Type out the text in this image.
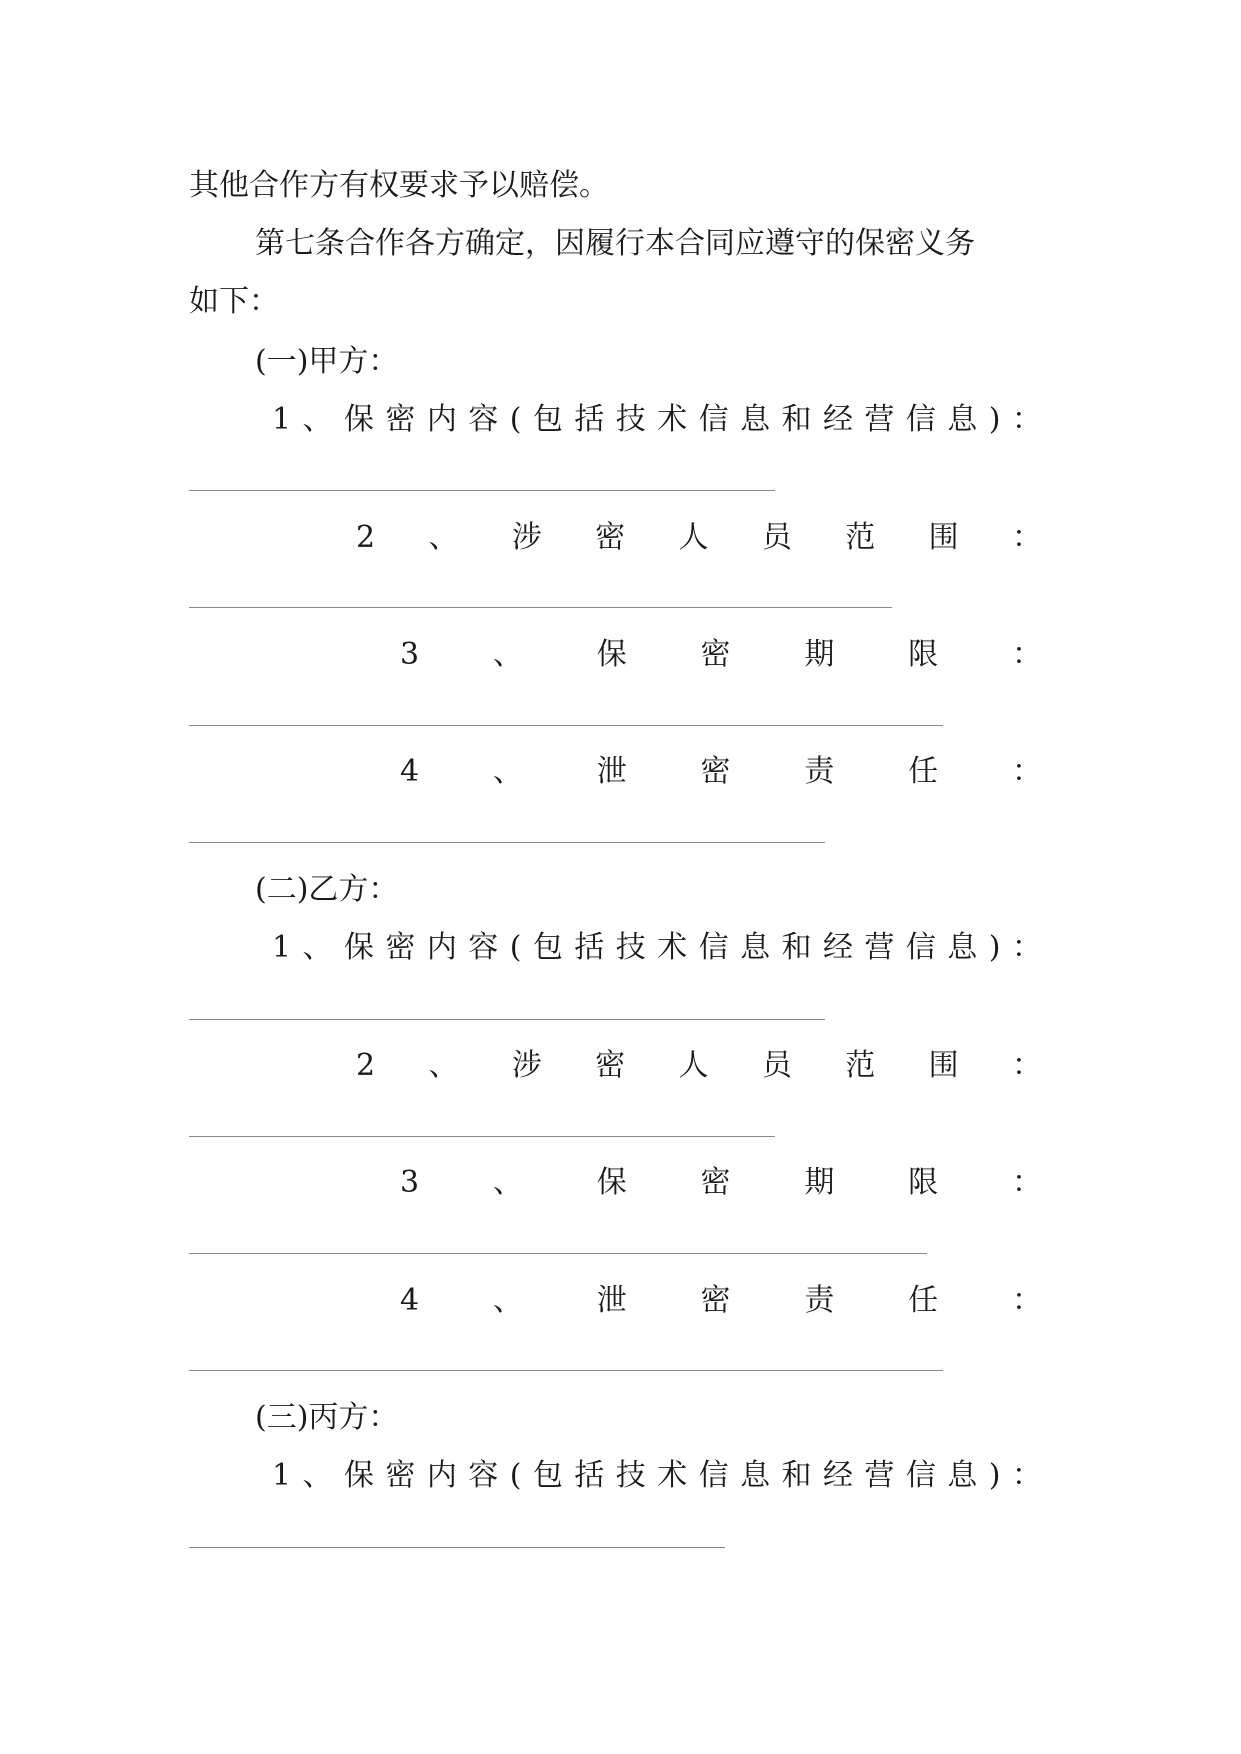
其他合作方有权要求予以赔偿。
第七条合作各方确定，因履行本合同应遵守的保密义务
如下：
(一)甲方：
1 、 保 密 内 容 ( 包 括 技 术 信 息 和 经 营 信 息 ) ：
2 、 涉 密 人 员 范 围 ：
3 、 保 密 期 限 ：
4 、 泄 密 责 任 ：
(二)乙方：
1 、 保 密 内 容 ( 包 括 技 术 信 息 和 经 营 信 息 ) ：
2 、 涉 密 人 员 范 围 ：
3 、 保 密 期 限 ：
4 、 泄 密 责 任 ：
(三)丙方：
1 、 保 密 内 容 ( 包 括 技 术 信 息 和 经 营 信 息 ) ：
